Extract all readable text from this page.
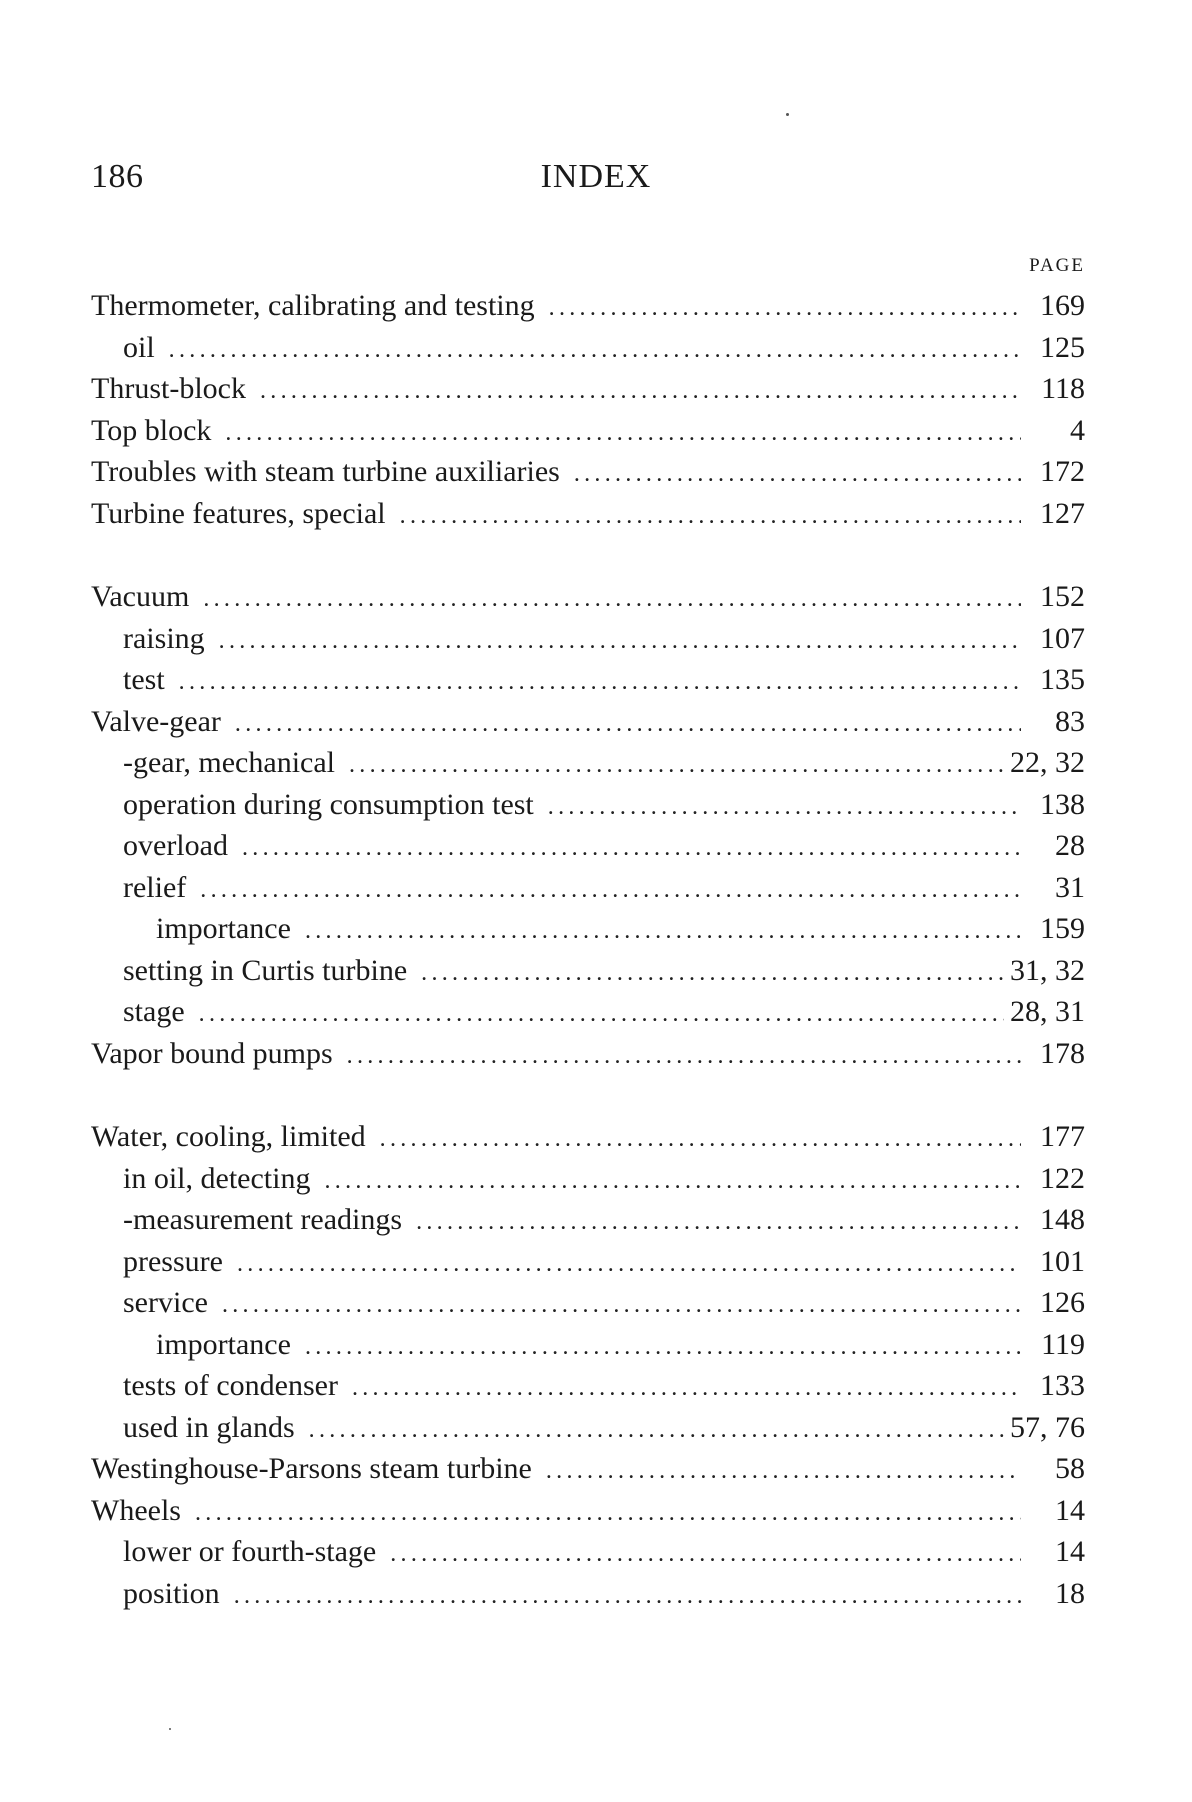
186	INDEX
PAGE
Thermometer, calibrating and testing .....	169
oil .....	125
Thrust-block .....	118
Top block .....	4
Troubles with steam turbine auxiliaries .....	172
Turbine features, special .....	127
Vacuum .....	152
raising .....	107
test .....	135
Valve-gear .....	83
-gear, mechanical .....	22, 32
operation during consumption test .....	138
overload .....	28
relief .....	31
importance .....	159
setting in Curtis turbine .....	31, 32
stage .....	28, 31
Vapor bound pumps .....	178
Water, cooling, limited .....	177
in oil, detecting .....	122
-measurement readings .....	148
pressure .....	101
service .....	126
importance .....	119
tests of condenser .....	133
used in glands .....	57, 76
Westinghouse-Parsons steam turbine .....	58
Wheels .....	14
lower or fourth-stage .....	14
position .....	18
